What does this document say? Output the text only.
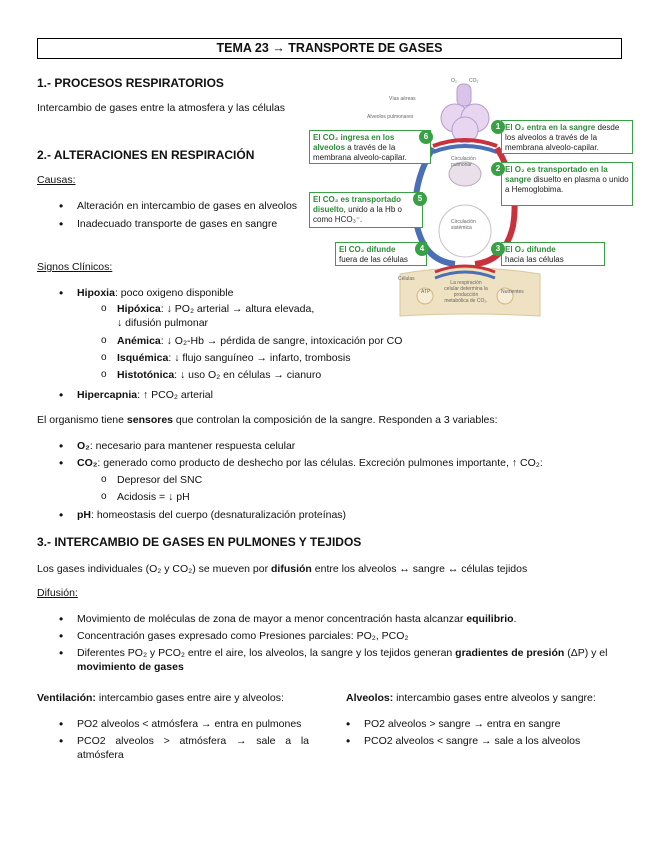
TEMA 23 → TRANSPORTE DE GASES
1.- PROCESOS RESPIRATORIOS
Intercambio de gases entre la atmosfera y las células
2.- ALTERACIONES EN RESPIRACIÓN
Causas:
• Alteración en intercambio de gases en alveolos
• Inadecuado transporte de gases en sangre
Signos Clínicos:
• Hipoxia: poco oxigeno disponible
o Hipóxica: ↓ PO₂ arterial → altura elevada, ↓ difusión pulmonar
o Anémica: ↓ O₂-Hb → pérdida de sangre, intoxicación por CO
o Isquémica: ↓ flujo sanguíneo → infarto, trombosis
o Histotónica: ↓ uso O₂ en células → cianuro
• Hipercapnia: ↑ PCO₂ arterial
El organismo tiene sensores que controlan la composición de la sangre. Responden a 3 variables:
• O₂: necesario para mantener respuesta celular
• CO₂: generado como producto de deshecho por las células. Excreción pulmones importante, ↑ CO₂:
o Depresor del SNC
o Acidosis = ↓ pH
• pH: homeostasis del cuerpo (desnaturalización proteínas)
3.- INTERCAMBIO DE GASES EN PULMONES Y TEJIDOS
Los gases individuales (O₂ y CO₂) se mueven por difusión entre los alveolos ↔ sangre ↔ células tejidos
Difusión:
• Movimiento de moléculas de zona de mayor a menor concentración hasta alcanzar equilibrio.
• Concentración gases expresado como Presiones parciales: PO₂, PCO₂
• Diferentes PO₂ y PCO₂ entre el aire, los alveolos, la sangre y los tejidos generan gradientes de presión (ΔP) y el movimiento de gases
Ventilación: intercambio gases entre aire y alveolos:
• PO2 alveolos < atmósfera → entra en pulmones
• PCO2 alveolos > atmósfera → sale a la atmósfera
Alveolos: intercambio gases entre alveolos y sangre:
• PO2 alveolos > sangre → entra en sangre
• PCO2 alveolos < sangre → sale a los alveolos
Vías aéreas
Alveolos pulmonares
O₂ CO₂
Circulación pulmonar
Circulación sistémica
Células
ATP	Nutrientes
La respiración celular determina la producción metabólica de CO₂.
El O₂ entra en la sangre desde los alveolos a través de la membrana alveolo-capilar.
1
El O₂ es transportado en la sangre disuelto en plasma o unido a Hemoglobima.
2
El O₂ difunde
hacia las células
3
El CO₂ difunde
fuera de las células
4
El CO₂ es transportado disuelto, unido a la Hb o como HCO₃⁻.
5
El CO₂ ingresa en los alveolos a través de la membrana alveolo-capilar.
6
